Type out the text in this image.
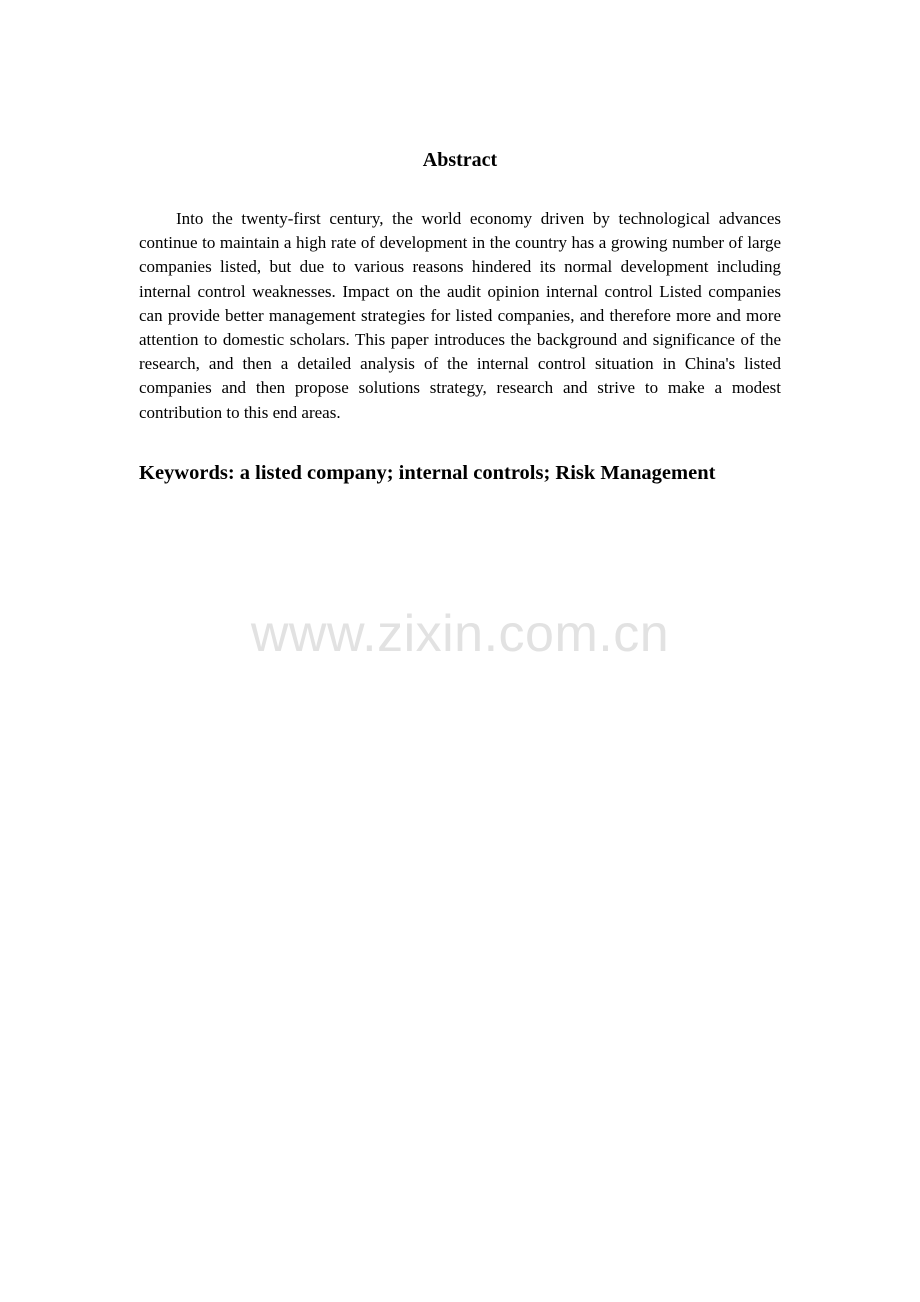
Abstract

Into the twenty-first century, the world economy driven by technological advances continue to maintain a high rate of development in the country has a growing number of large companies listed, but due to various reasons hindered its normal development including internal control weaknesses. Impact on the audit opinion internal control Listed companies can provide better management strategies for listed companies, and therefore more and more attention to domestic scholars. This paper introduces the background and significance of the research, and then a detailed analysis of the internal control situation in China's listed companies and then propose solutions strategy, research and strive to make a modest contribution to this end areas.

Keywords: a listed company; internal controls; Risk Management

www.zixin.com.cn
